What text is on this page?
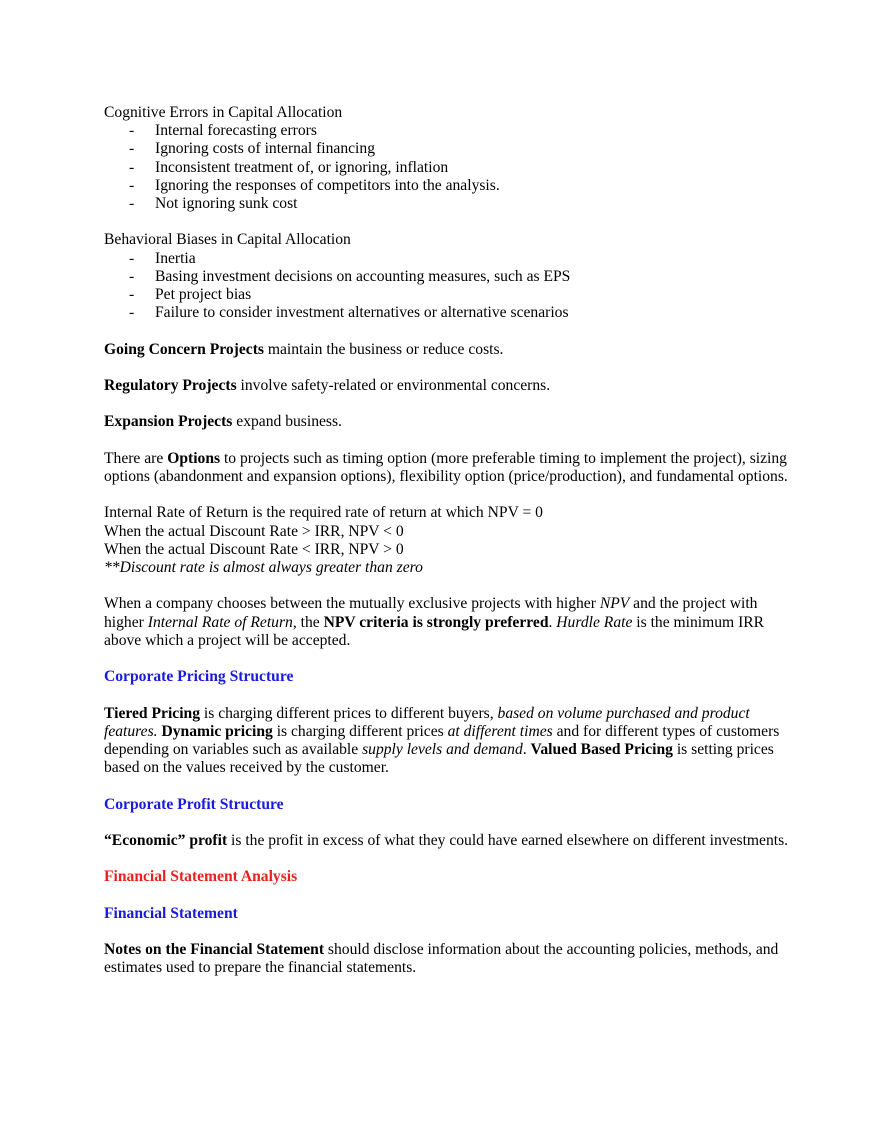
Cognitive Errors in Capital Allocation

- Internal forecasting errors
- Ignoring costs of internal financing
- Inconsistent treatment of, or ignoring, inflation
- Ignoring the responses of competitors into the analysis.
- Not ignoring sunk cost

Behavioral Biases in Capital Allocation

- Inertia
- Basing investment decisions on accounting measures, such as EPS
- Pet project bias
- Failure to consider investment alternatives or alternative scenarios

Going Concern Projects maintain the business or reduce costs.

Regulatory Projects involve safety-related or environmental concerns.

Expansion Projects expand business.

There are Options to projects such as timing option (more preferable timing to implement the project), sizing options (abandonment and expansion options), flexibility option (price/production), and fundamental options.

Internal Rate of Return is the required rate of return at which NPV = 0

When the actual Discount Rate > IRR, NPV < 0

When the actual Discount Rate < IRR, NPV > 0

**Discount rate is almost always greater than zero

When a company chooses between the mutually exclusive projects with higher NPV and the project with higher Internal Rate of Return, the NPV criteria is strongly preferred. Hurdle Rate is the minimum IRR above which a project will be accepted.

Corporate Pricing Structure

Tiered Pricing is charging different prices to different buyers, based on volume purchased and product features. Dynamic pricing is charging different prices at different times and for different types of customers depending on variables such as available supply levels and demand. Valued Based Pricing is setting prices based on the values received by the customer.

Corporate Profit Structure

“Economic” profit is the profit in excess of what they could have earned elsewhere on different investments.

Financial Statement Analysis

Financial Statement

Notes on the Financial Statement should disclose information about the accounting policies, methods, and estimates used to prepare the financial statements.
